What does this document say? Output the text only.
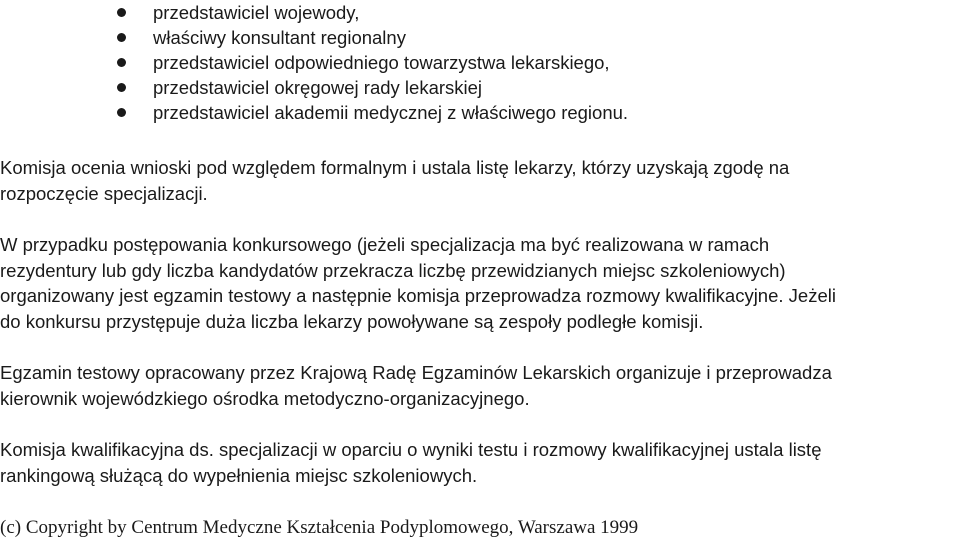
przedstawiciel wojewody,
właściwy konsultant regionalny
przedstawiciel odpowiedniego towarzystwa lekarskiego,
przedstawiciel okręgowej rady lekarskiej
przedstawiciel akademii medycznej z właściwego regionu.

Komisja ocenia wnioski pod względem formalnym i ustala listę lekarzy, którzy uzyskają zgodę na
rozpoczęcie specjalizacji.

W przypadku postępowania konkursowego (jeżeli specjalizacja ma być realizowana w ramach
rezydentury lub gdy liczba kandydatów przekracza liczbę przewidzianych miejsc szkoleniowych)
organizowany jest egzamin testowy a następnie komisja przeprowadza rozmowy kwalifikacyjne. Jeżeli
do konkursu przystępuje duża liczba lekarzy powoływane są zespoły podległe komisji.

Egzamin testowy opracowany przez Krajową Radę Egzaminów Lekarskich organizuje i przeprowadza
kierownik wojewódzkiego ośrodka metodyczno-organizacyjnego.

Komisja kwalifikacyjna ds. specjalizacji w oparciu o wyniki testu i rozmowy kwalifikacyjnej ustala listę
rankingową służącą do wypełnienia miejsc szkoleniowych.

(c) Copyright by Centrum Medyczne Kształcenia Podyplomowego, Warszawa 1999
